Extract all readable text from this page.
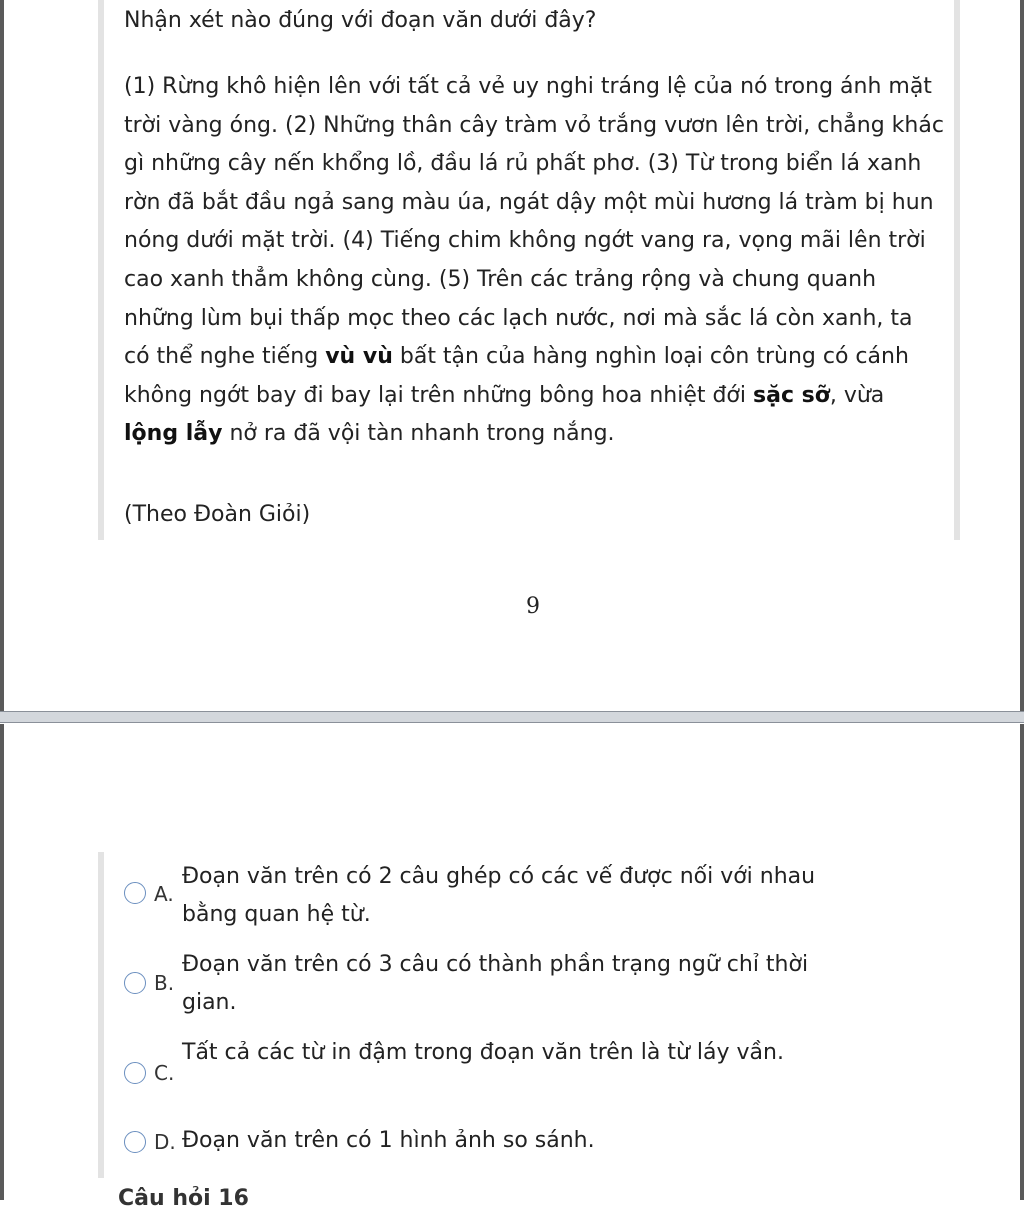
Nhận xét nào đúng với đoạn văn dưới đây?

(1) Rừng khô hiện lên với tất cả vẻ uy nghi tráng lệ của nó trong ánh mặt trời vàng óng. (2) Những thân cây tràm vỏ trắng vươn lên trời, chẳng khác gì những cây nến khổng lồ, đầu lá rủ phất phơ. (3) Từ trong biển lá xanh rờn đã bắt đầu ngả sang màu úa, ngát dậy một mùi hương lá tràm bị hun nóng dưới mặt trời. (4) Tiếng chim không ngớt vang ra, vọng mãi lên trời cao xanh thẳm không cùng. (5) Trên các trảng rộng và chung quanh những lùm bụi thấp mọc theo các lạch nước, nơi mà sắc lá còn xanh, ta có thể nghe tiếng vù vù bất tận của hàng nghìn loại côn trùng có cánh không ngớt bay đi bay lại trên những bông hoa nhiệt đới sặc sỡ, vừa lộng lẫy nở ra đã vội tàn nhanh trong nắng.

(Theo Đoàn Giỏi)
9
A.
Đoạn văn trên có 2 câu ghép có các vế được nối với nhau bằng quan hệ từ.
B.
Đoạn văn trên có 3 câu có thành phần trạng ngữ chỉ thời gian.
C.
Tất cả các từ in đậm trong đoạn văn trên là từ láy vần.
D. Đoạn văn trên có 1 hình ảnh so sánh.
Câu hỏi 16
